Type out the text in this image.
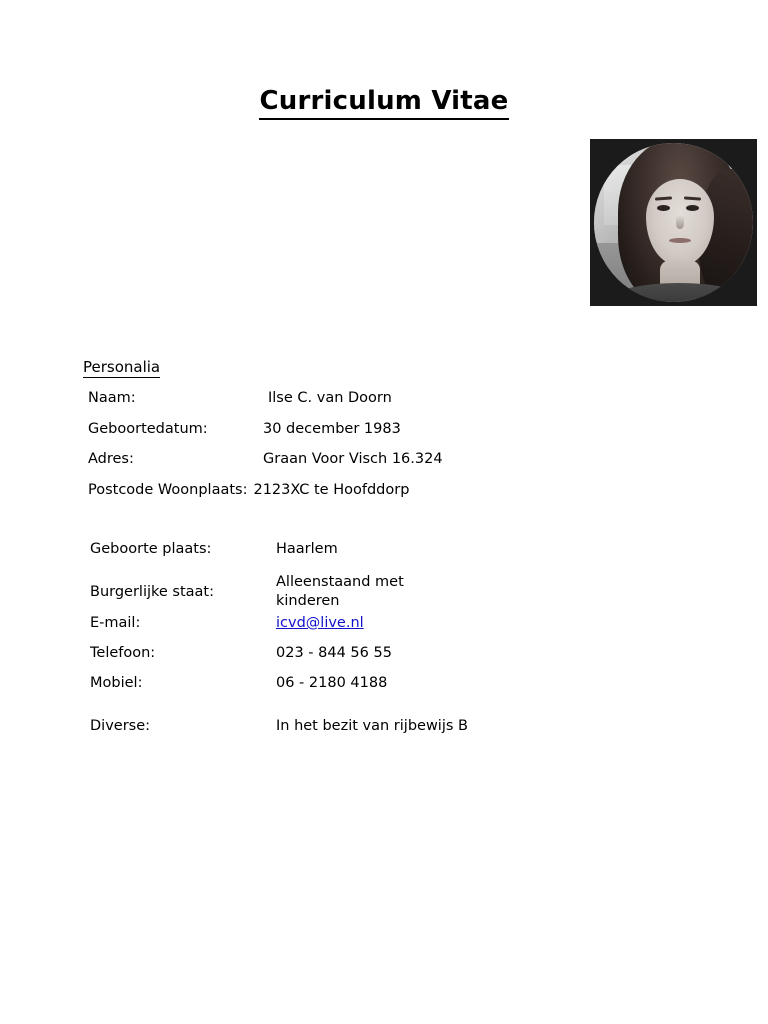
Curriculum Vitae
Personalia
Naam:	Ilse C. van Doorn
Geboortedatum:	30 december 1983
Adres:	Graan Voor Visch 16.324
Postcode Woonplaats: 2123XC te Hoofddorp
Geboorte plaats:	Haarlem
Burgerlijke staat:
Alleenstaand met kinderen
E-mail:	icvd@live.nl
Telefoon:	023 - 844 56 55
Mobiel:	06 - 2180 4188
Diverse:	In het bezit van rijbewijs B
